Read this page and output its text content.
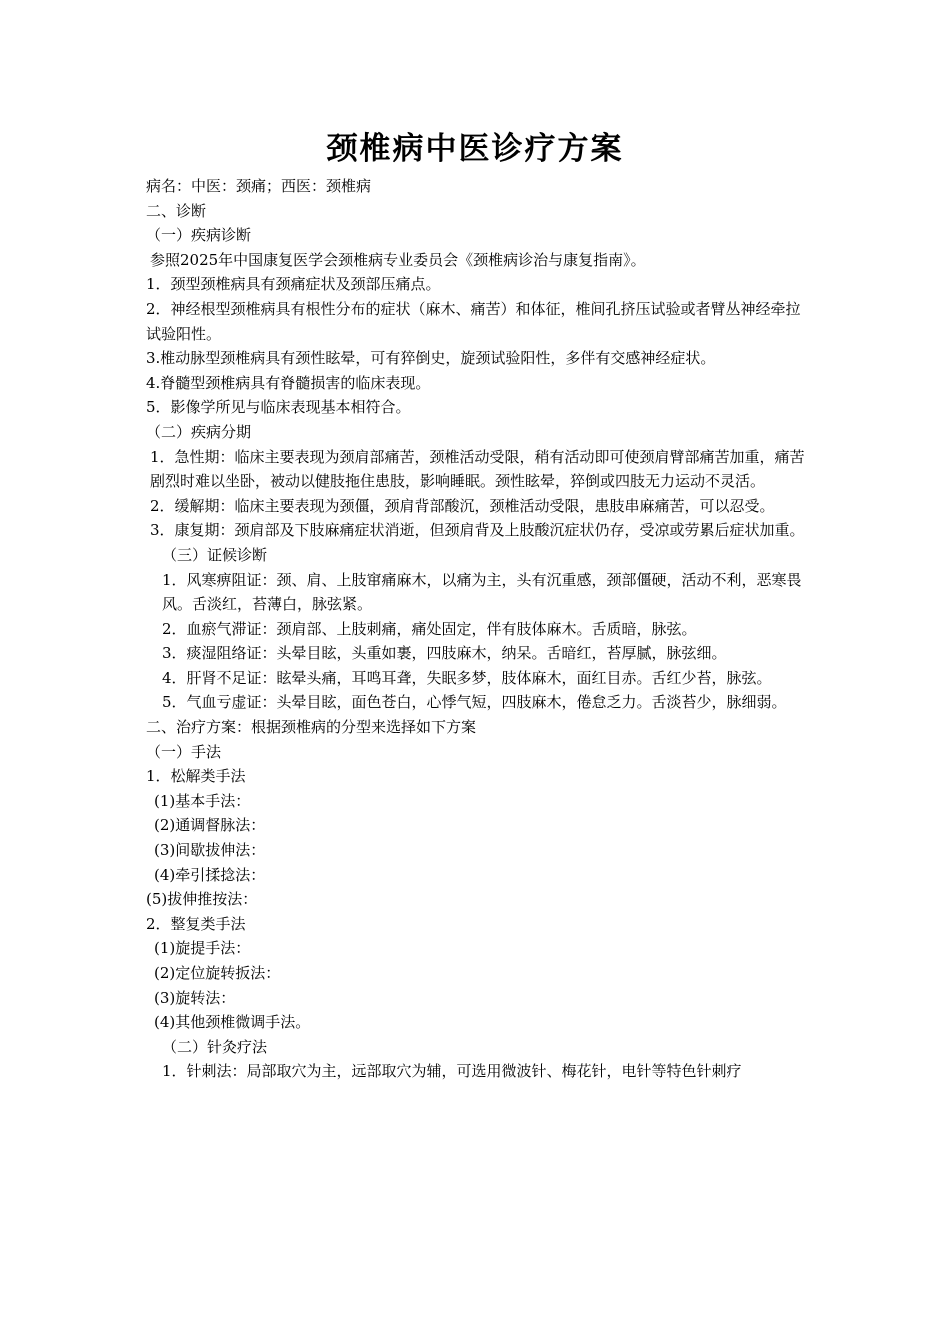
颈椎病中医诊疗方案

病名：中医：颈痛；西医：颈椎病

二、诊断

（一）疾病诊断

参照2025年中国康复医学会颈椎病专业委员会《颈椎病诊治与康复指南》。

1．颈型颈椎病具有颈痛症状及颈部压痛点。

2．神经根型颈椎病具有根性分布的症状（麻木、痛苦）和体征，椎间孔挤压试验或者臂丛神经牵拉试验阳性。

3.椎动脉型颈椎病具有颈性眩晕，可有猝倒史，旋颈试验阳性，多伴有交感神经症状。

4.脊髓型颈椎病具有脊髓损害的临床表现。

5．影像学所见与临床表现基本相符合。

（二）疾病分期

1．急性期：临床主要表现为颈肩部痛苦，颈椎活动受限，稍有活动即可使颈肩臂部痛苦加重，痛苦剧烈时难以坐卧，被动以健肢拖住患肢，影响睡眠。颈性眩晕，猝倒或四肢无力运动不灵活。

2．缓解期：临床主要表现为颈僵，颈肩背部酸沉，颈椎活动受限，患肢串麻痛苦，可以忍受。

3．康复期：颈肩部及下肢麻痛症状消逝，但颈肩背及上肢酸沉症状仍存，受凉或劳累后症状加重。

（三）证候诊断

1．风寒痹阻证：颈、肩、上肢窜痛麻木，以痛为主，头有沉重感，颈部僵硬，活动不利，恶寒畏风。舌淡红，苔薄白，脉弦紧。

2．血瘀气滞证：颈肩部、上肢刺痛，痛处固定，伴有肢体麻木。舌质暗，脉弦。

3．痰湿阻络证：头晕目眩，头重如裹，四肢麻木，纳呆。舌暗红，苔厚腻，脉弦细。

4．肝肾不足证：眩晕头痛，耳鸣耳聋，失眠多梦，肢体麻木，面红目赤。舌红少苔，脉弦。

5．气血亏虚证：头晕目眩，面色苍白，心悸气短，四肢麻木，倦怠乏力。舌淡苔少，脉细弱。

二、治疗方案：根据颈椎病的分型来选择如下方案

（一）手法

1．松解类手法

(1)基本手法：

(2)通调督脉法：

(3)间歇拔伸法：

(4)牵引揉捻法：

(5)拔伸推按法：

2．整复类手法

(1)旋提手法：

(2)定位旋转扳法：

(3)旋转法：

(4)其他颈椎微调手法。

（二）针灸疗法

1．针刺法：局部取穴为主，远部取穴为辅，可选用微波针、梅花针，电针等特色针刺疗
